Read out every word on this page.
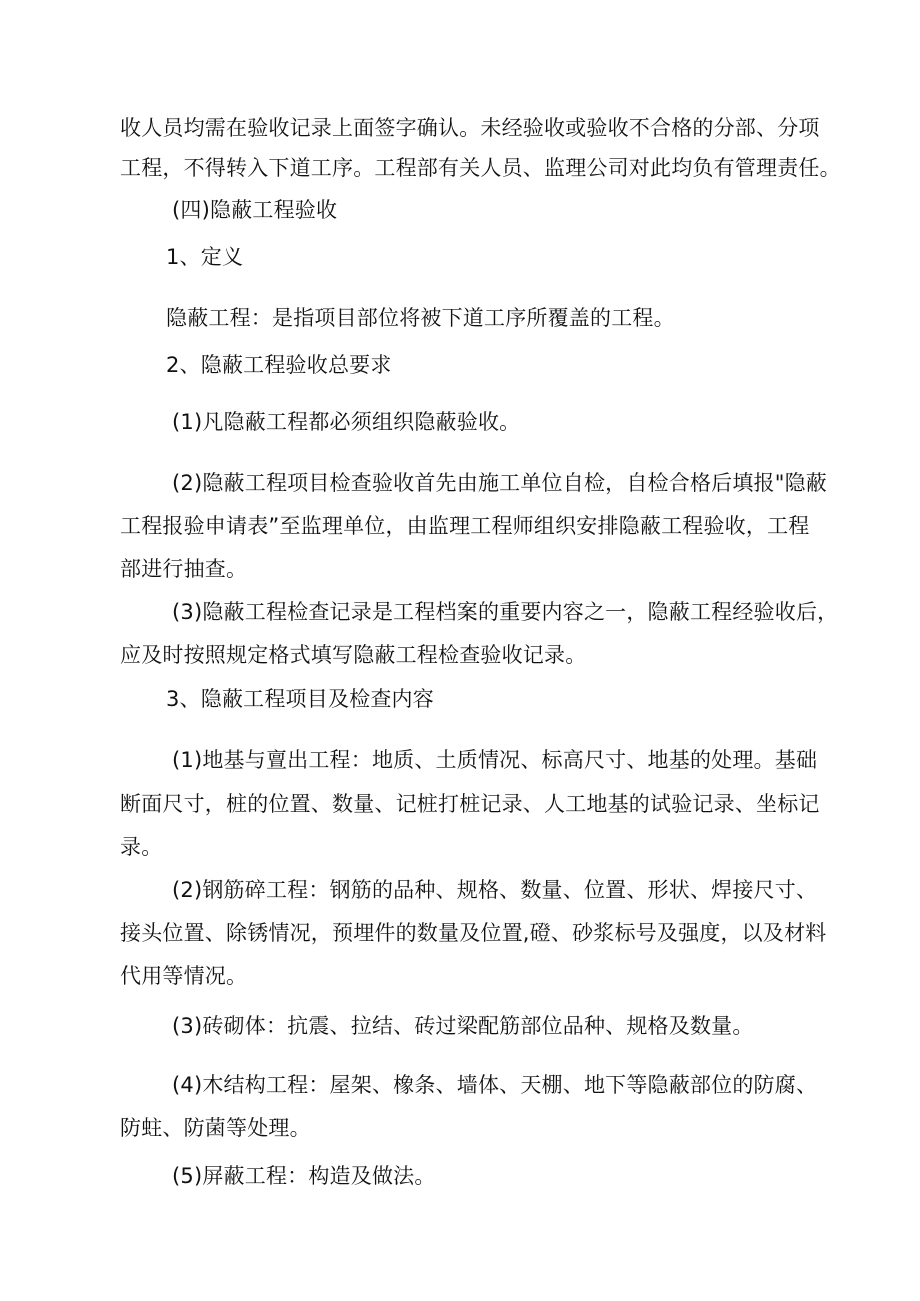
收人员均需在验收记录上面签字确认。未经验收或验收不合格的分部、分项
工程，不得转入下道工序。工程部有关人员、监理公司对此均负有管理责任。
(四)隐蔽工程验收
1、定义
隐蔽工程：是指项目部位将被下道工序所覆盖的工程。
2、隐蔽工程验收总要求
(1)凡隐蔽工程都必须组织隐蔽验收。
(2)隐蔽工程项目检查验收首先由施工单位自检，自检合格后填报"隐蔽
工程报验申请表”至监理单位，由监理工程师组织安排隐蔽工程验收，工程
部进行抽查。
(3)隐蔽工程检查记录是工程档案的重要内容之一，隐蔽工程经验收后，
应及时按照规定格式填写隐蔽工程检查验收记录。
3、隐蔽工程项目及检查内容
(1)地基与亶出工程：地质、土质情况、标高尺寸、地基的处理。基础
断面尺寸，桩的位置、数量、记桩打桩记录、人工地基的试验记录、坐标记
录。
(2)钢筋碎工程：钢筋的品种、规格、数量、位置、形状、焊接尺寸、
接头位置、除锈情况，预埋件的数量及位置,磴、砂浆标号及强度，以及材料
代用等情况。
(3)砖砌体：抗震、拉结、砖过梁配筋部位品种、规格及数量。
(4)木结构工程：屋架、橡条、墙体、天棚、地下等隐蔽部位的防腐、
防蛀、防菌等处理。
(5)屏蔽工程：构造及做法。
